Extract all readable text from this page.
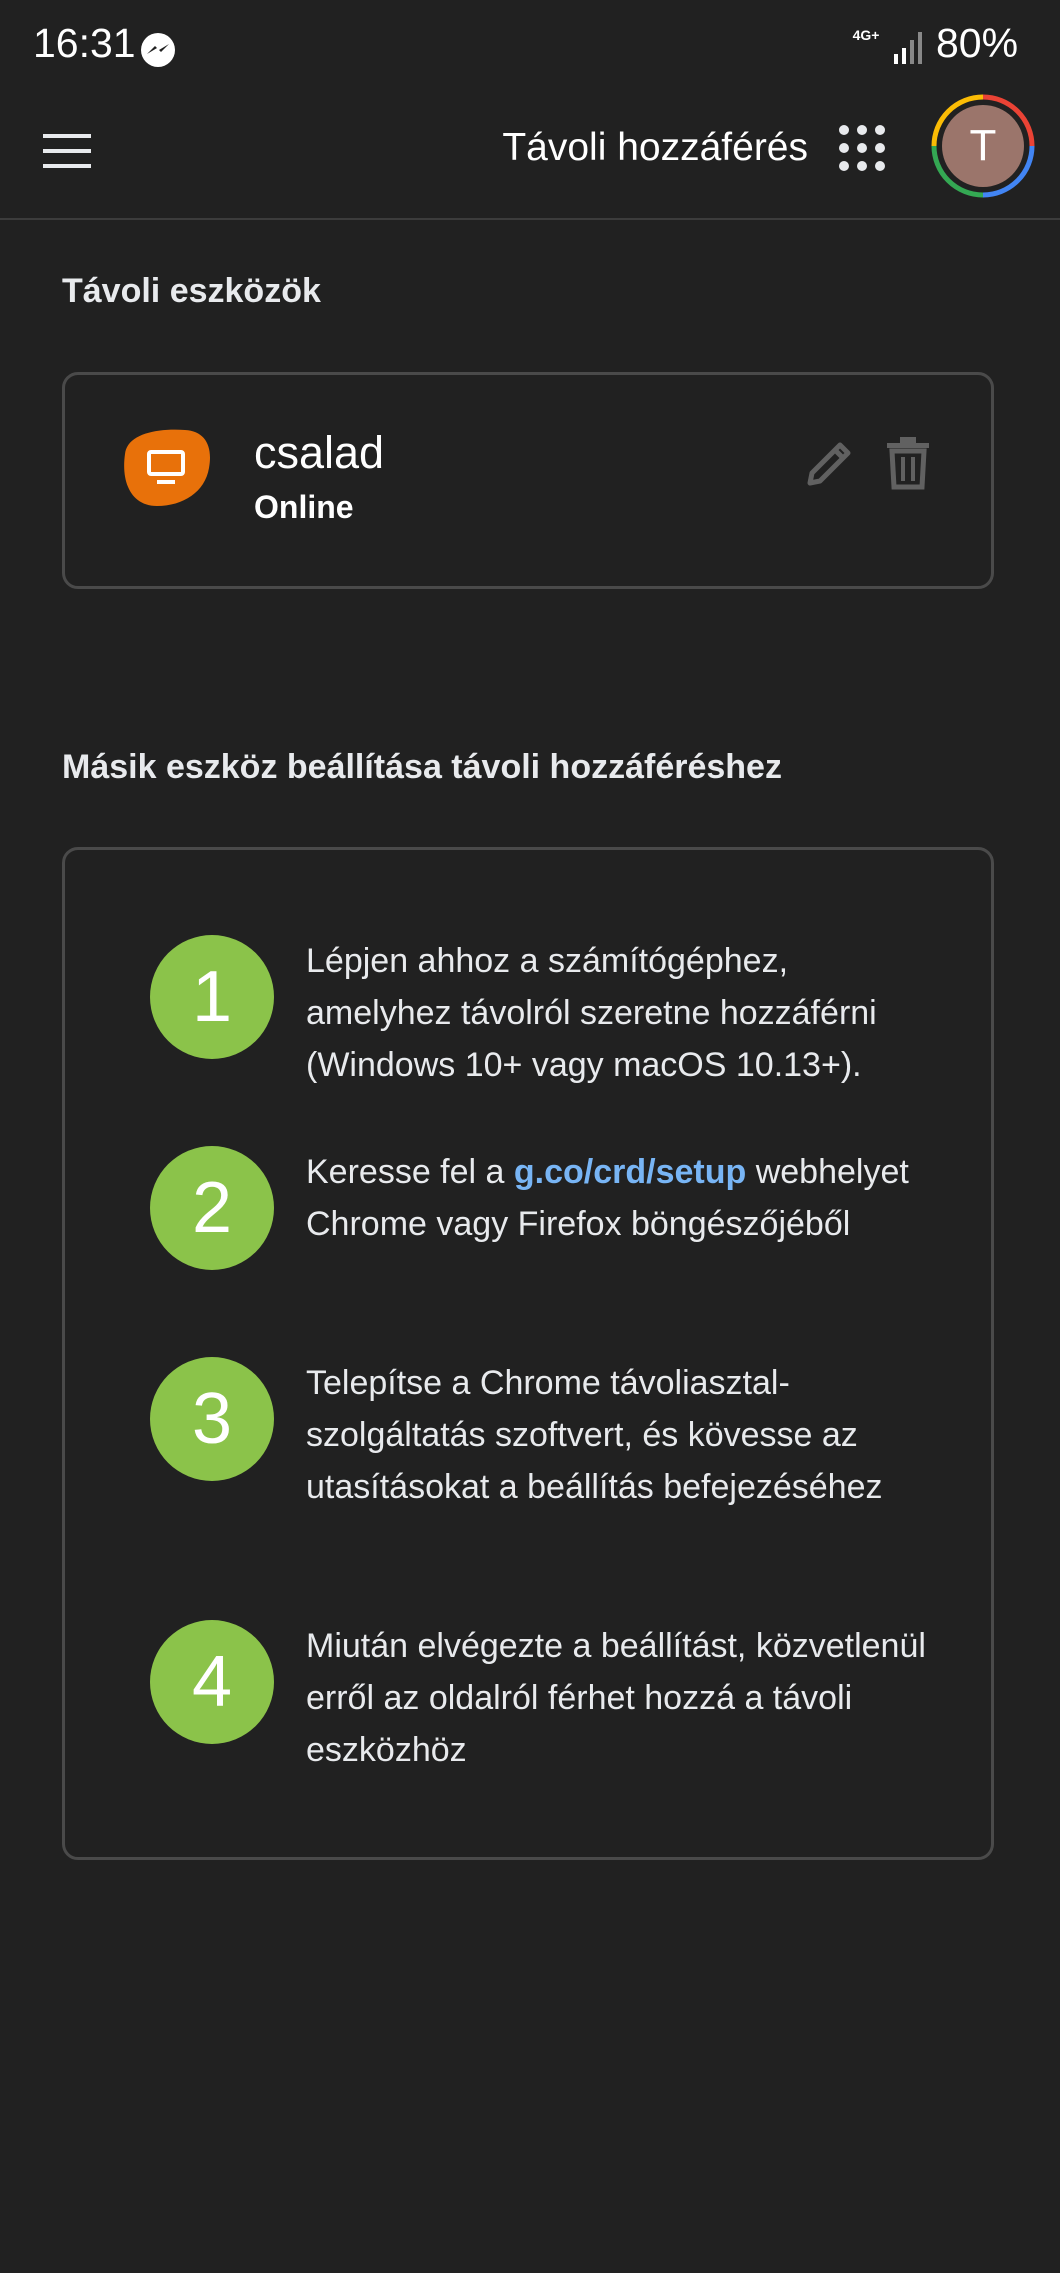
16:31	4G+ 80%
Távoli hozzáférés	T
Távoli eszközök
csalad
Online
Másik eszköz beállítása távoli hozzáféréshez
1	Lépjen ahhoz a számítógéphez, amelyhez távolról szeretne hozzáférni (Windows 10+ vagy macOS 10.13+).
2	Keresse fel a g.co/crd/setup webhelyet Chrome vagy Firefox böngészőjéből
3	Telepítse a Chrome távoliasztal-szolgáltatás szoftvert, és kövesse az utasításokat a beállítás befejezéséhez
4	Miután elvégezte a beállítást, közvetlenül erről az oldalról férhet hozzá a távoli eszközhöz
